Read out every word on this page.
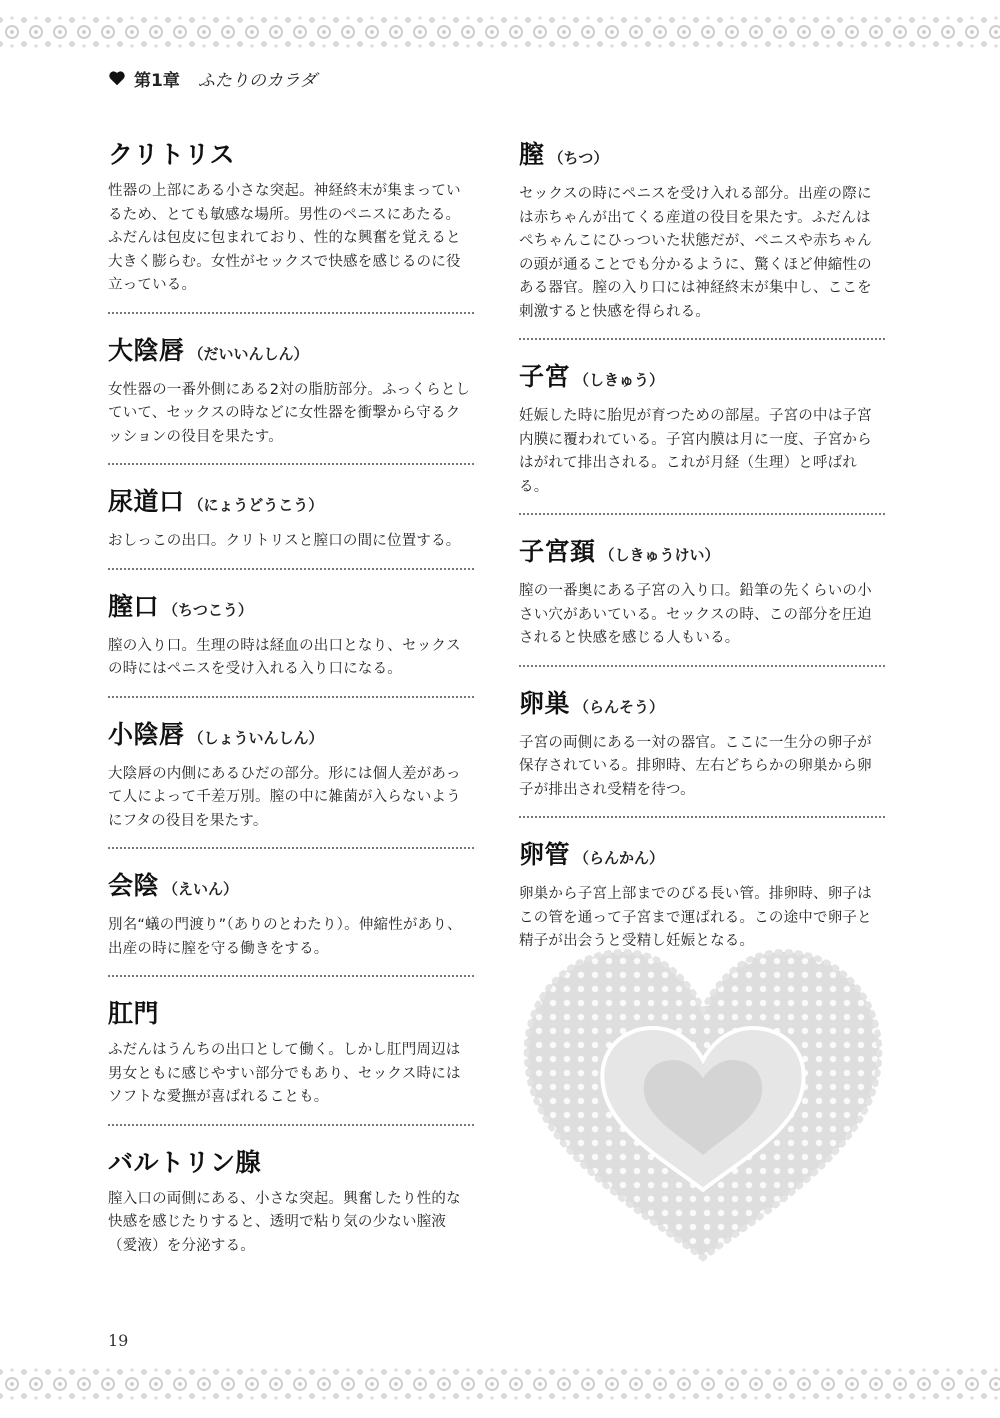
第1章 ふたりのカラダ
クリトリス
性器の上部にある小さな突起。神経終末が集まっているため、とても敏感な場所。男性のペニスにあたる。ふだんは包皮に包まれており、性的な興奮を覚えると大きく膨らむ。女性がセックスで快感を感じるのに役立っている。
大陰唇 （だいいんしん）
女性器の一番外側にある2対の脂肪部分。ふっくらとしていて、セックスの時などに女性器を衝撃から守るクッションの役目を果たす。
尿道口 （にょうどうこう）
おしっこの出口。クリトリスと膣口の間に位置する。
膣口 （ちつこう）
膣の入り口。生理の時は経血の出口となり、セックスの時にはペニスを受け入れる入り口になる。
小陰唇 （しょういんしん）
大陰唇の内側にあるひだの部分。形には個人差があって人によって千差万別。膣の中に雑菌が入らないようにフタの役目を果たす。
会陰 （えいん）
別名“蟻の門渡り”（ありのとわたり）。伸縮性があり、出産の時に膣を守る働きをする。
肛門
ふだんはうんちの出口として働く。しかし肛門周辺は男女ともに感じやすい部分でもあり、セックス時にはソフトな愛撫が喜ばれることも。
バルトリン腺
膣入口の両側にある、小さな突起。興奮したり性的な快感を感じたりすると、透明で粘り気の少ない膣液（愛液）を分泌する。
膣 （ちつ）
セックスの時にペニスを受け入れる部分。出産の際には赤ちゃんが出てくる産道の役目を果たす。ふだんはぺちゃんこにひっついた状態だが、ペニスや赤ちゃんの頭が通ることでも分かるように、驚くほど伸縮性のある器官。膣の入り口には神経終末が集中し、ここを刺激すると快感を得られる。
子宮 （しきゅう）
妊娠した時に胎児が育つための部屋。子宮の中は子宮内膜に覆われている。子宮内膜は月に一度、子宮からはがれて排出される。これが月経（生理）と呼ばれる。
子宮頚 （しきゅうけい）
膣の一番奥にある子宮の入り口。鉛筆の先くらいの小さい穴があいている。セックスの時、この部分を圧迫されると快感を感じる人もいる。
卵巣 （らんそう）
子宮の両側にある一対の器官。ここに一生分の卵子が保存されている。排卵時、左右どちらかの卵巣から卵子が排出され受精を待つ。
卵管 （らんかん）
卵巣から子宮上部までのびる長い管。排卵時、卵子はこの管を通って子宮まで運ばれる。この途中で卵子と精子が出会うと受精し妊娠となる。
19
